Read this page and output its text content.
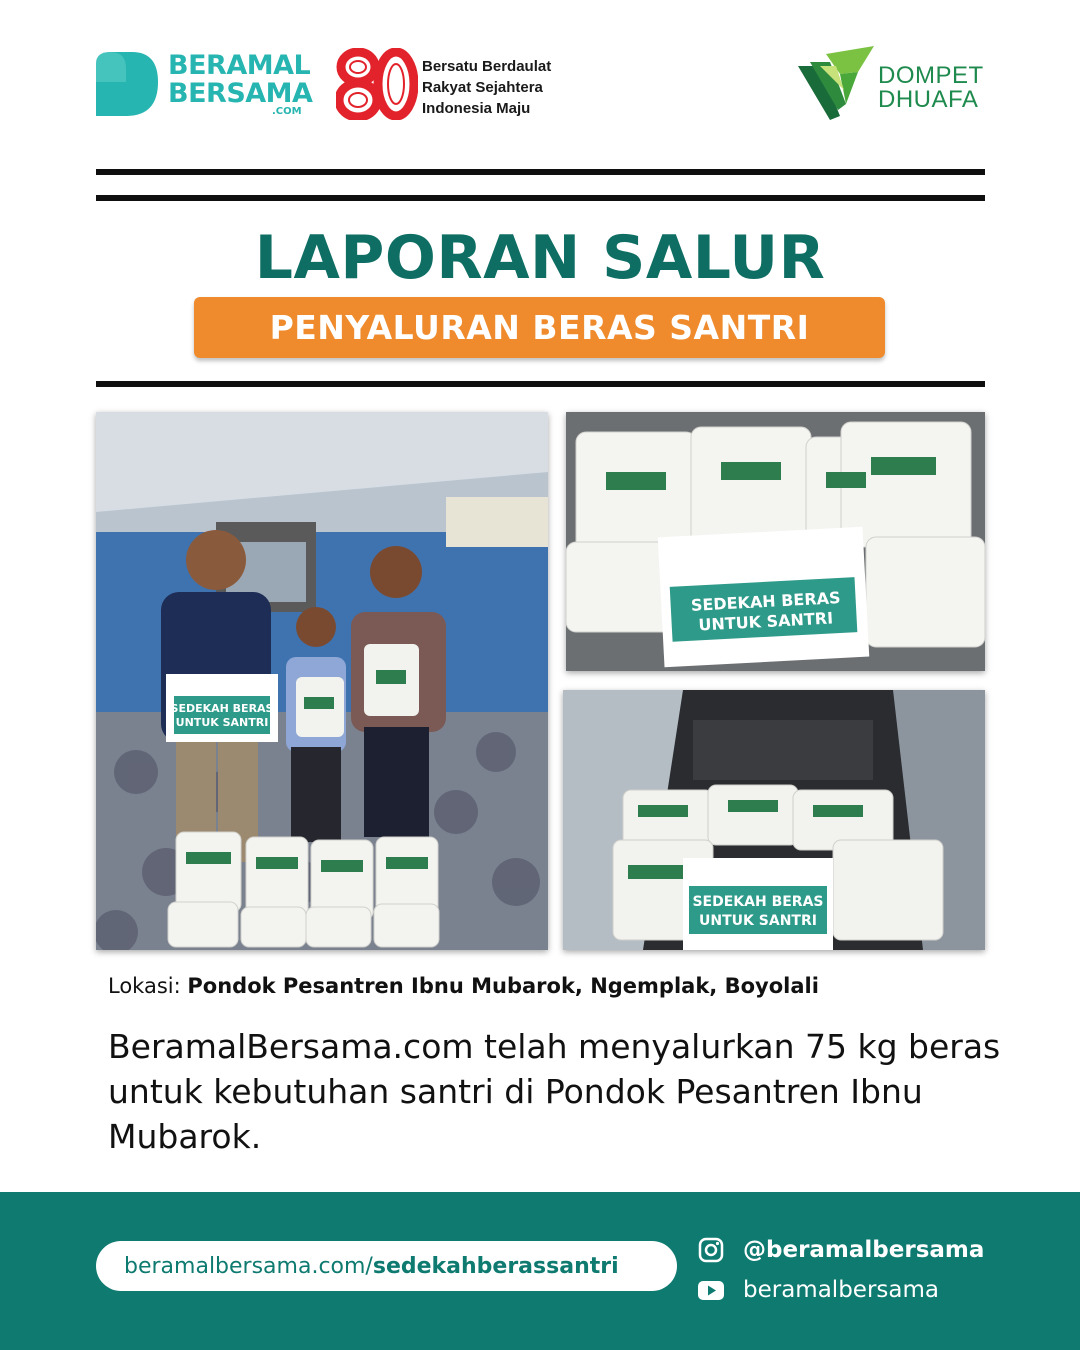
BERAMAL
BERSAMA
.COM
Bersatu Berdaulat
Rakyat Sejahtera
Indonesia Maju
DOMPET
DHUAFA
LAPORAN SALUR
PENYALURAN BERAS SANTRI
SEDEKAH BERAS
UNTUK SANTRI
SEDEKAH BERAS
UNTUK SANTRI
SEDEKAH BERAS
UNTUK SANTRI

Lokasi: Pondok Pesantren Ibnu Mubarok, Ngemplak, Boyolali

BeramalBersama.com telah menyalurkan 75 kg beras untuk kebutuhan santri di Pondok Pesantren Ibnu Mubarok.

beramalbersama.com/ sedekahberassantri
@beramalbersama
beramalbersama
